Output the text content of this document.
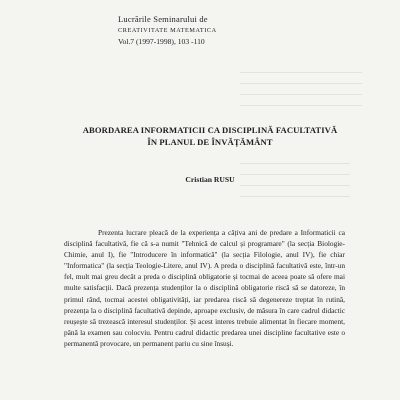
Lucrările Seminarului de
CREATIVITATE MATEMATICA
Vol.7 (1997-1998), 103 -110
ABORDAREA INFORMATICII CA DISCIPLINĂ FACULTATIVĂ
ÎN PLANUL DE ÎNVĂȚĂMÂNT
Cristian RUSU

Prezenta lucrare pleacă de la experiența a câțiva ani de predare a Informaticii ca disciplină facultativă, fie că s-a numit "Tehnică de calcul și programare" (la secția Biologie-Chimie, anul I), fie "Introducere în informatică" (la secția Filologie, anul IV), fie chiar "Informatica" (la secția Teologie-Litere, anul IV). A preda o disciplină facultativă este, într-un fel, mult mai greu decât a preda o disciplină obligatorie și tocmai de aceea poate să ofere mai multe satisfacții. Dacă prezența studenților la o disciplină obligatorie riscă să se datoreze, în primul rând, tocmai acestei obligativități, iar predarea riscă să degenereze treptat în rutină, prezența la o disciplină facultativă depinde, aproape exclusiv, de măsura în care cadrul didactic reușește să trezească interesul studenților. Și acest interes trebuie alimentat în fiecare moment, până la examen sau colocviu. Pentru cadrul didactic predarea unei discipline facultative este o permanentă provocare, un permanent pariu cu sine însuși.
